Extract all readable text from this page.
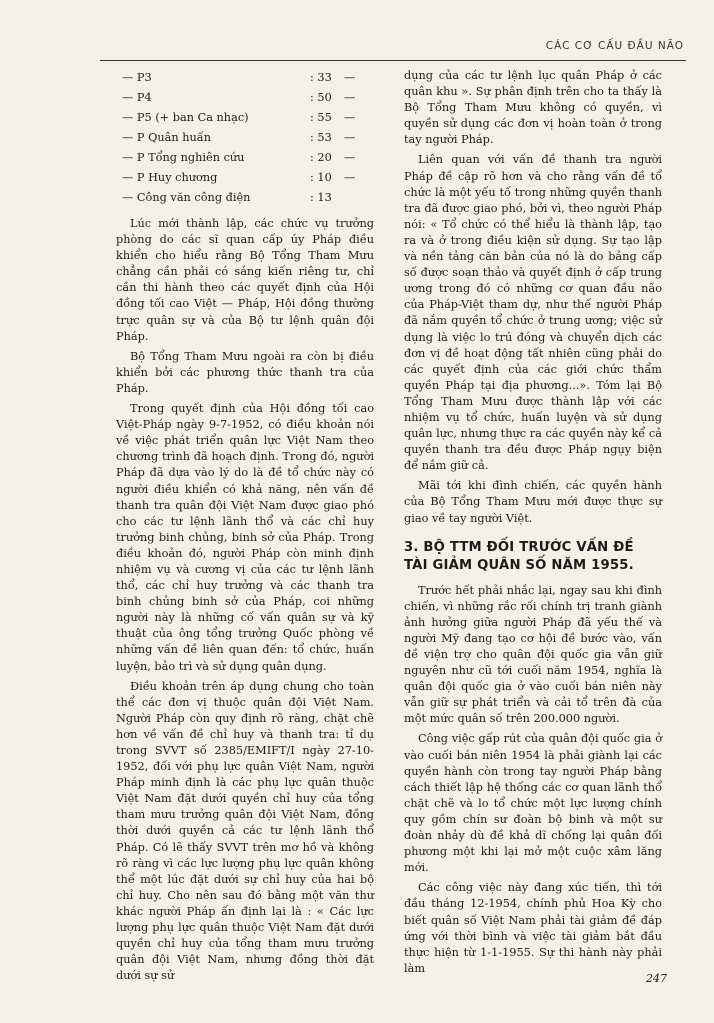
CÁC CƠ CẤU ĐẦU NÃO
— P3	: 33	—
— P4	: 50	—
— P5 (+ ban Ca nhạc)	: 55	—
— P Quân huấn	: 53	—
— P Tổng nghiên cứu	: 20	—
— P Huy chương	: 10	—
— Công văn công điện	: 13

Lúc mới thành lập, các chức vụ trưởng phòng do các sĩ quan cấp úy Pháp điều khiển cho hiểu rằng Bộ Tổng Tham Mưu chẳng cần phải có sáng kiến riêng tư, chỉ cần thi hành theo các quyết định của Hội đồng tối cao Việt — Pháp, Hội đồng thường trực quân sự và của Bộ tư lệnh quân đội Pháp.

Bộ Tổng Tham Mưu ngoài ra còn bị điều khiển bởi các phương thức thanh tra của Pháp.

Trong quyết định của Hội đồng tối cao Việt-Pháp ngày 9-7-1952, có điều khoản nói về việc phát triển quân lực Việt Nam theo chương trình đã hoạch định. Trong đó, người Pháp đã dựa vào lý do là đề tổ chức này có người điều khiển có khả năng, nên vấn đề thanh tra quân đội Việt Nam được giao phó cho các tư lệnh lãnh thổ và các chỉ huy trưởng binh chủng, binh sở của Pháp. Trong điều khoản đó, người Pháp còn minh định nhiệm vụ và cương vị của các tư lệnh lãnh thổ, các chỉ huy trưởng và các thanh tra binh chủng binh sở của Pháp, coi những người này là những cố vấn quân sự và kỹ thuật của ông tổng trưởng Quốc phòng về những vấn đề liên quan đến: tổ chức, huấn luyện, bảo trì và sử dụng quân dụng.

Điều khoản trên áp dụng chung cho toàn thể các đơn vị thuộc quân đội Việt Nam. Người Pháp còn quy định rõ ràng, chặt chẽ hơn về vấn đề chỉ huy và thanh tra: tỉ dụ trong SVVT số 2385/EMIFT/I ngày 27-10-1952, đối với phụ lực quân Việt Nam, người Pháp minh định là các phụ lực quân thuộc Việt Nam đặt dưới quyền chỉ huy của tổng tham mưu trưởng quân đội Việt Nam, đồng thời dưới quyền cả các tư lệnh lãnh thổ Pháp. Có lẽ thấy SVVT trên mơ hồ và không rõ ràng vì các lực lượng phụ lực quân không thể một lúc đặt dưới sự chỉ huy của hai bộ chỉ huy. Cho nên sau đó bằng một văn thư khác người Pháp ấn định lại là : « Các lực lượng phụ lực quân thuộc Việt Nam đặt dưới quyền chỉ huy của tổng tham mưu trưởng quân đội Việt Nam, nhưng đồng thời đặt dưới sự sử

dụng của các tư lệnh lục quân Pháp ở các quân khu ». Sự phân định trên cho ta thấy là Bộ Tổng Tham Mưu không có quyền, vì quyền sử dụng các đơn vị hoàn toàn ở trong tay người Pháp.

Liên quan với vấn đề thanh tra người Pháp đề cập rõ hơn và cho rằng vấn đề tổ chức là một yếu tố trong những quyền thanh tra đã được giao phó, bởi vì, theo người Pháp nói: « Tổ chức có thể hiểu là thành lập, tạo ra và ở trong điều kiện sử dụng. Sự tạo lập và nền tảng căn bản của nó là do bảng cấp số được soạn thảo và quyết định ở cấp trung ương trong đó có những cơ quan đầu não của Pháp-Việt tham dự, như thế người Pháp đã nắm quyền tổ chức ở trung ương; việc sử dụng là việc lo trú đóng và chuyển dịch các đơn vị đề hoạt động tất nhiên cũng phải do các quyết định của các giới chức thẩm quyền Pháp tại địa phương...». Tóm lại Bộ Tổng Tham Mưu được thành lập với các nhiệm vụ tổ chức, huấn luyện và sử dụng quân lực, nhưng thực ra các quyền này kể cả quyền thanh tra đều được Pháp ngụy biện để nắm giữ cả.

Mãi tới khi đình chiến, các quyền hành của Bộ Tổng Tham Mưu mới được thực sự giao về tay người Việt.

3. BỘ TTM ĐỐI TRƯỚC VẤN ĐỀ TÀI GIẢM QUÂN SỐ NĂM 1955.

Trước hết phải nhắc lại, ngay sau khi đình chiến, vì những rắc rối chính trị tranh giành ảnh hưởng giữa người Pháp đã yếu thế và người Mỹ đang tạo cơ hội đề bước vào, vấn đề viện trợ cho quân đội quốc gia vẫn giữ nguyên như cũ tới cuối năm 1954, nghĩa là quân đội quốc gia ở vào cuối bán niên này vẫn giữ sự phát triển và cải tổ trên đà của một mức quân số trên 200.000 người.

Công việc gấp rút của quân đội quốc gia ở vào cuối bán niên 1954 là phải giành lại các quyền hành còn trong tay người Pháp bằng cách thiết lập hệ thống các cơ quan lãnh thổ chặt chẽ và lo tổ chức một lực lượng chính quy gồm chín sư đoàn bộ binh và một sư đoàn nhảy dù đề khả dĩ chống lại quân đối phương một khi lại mở một cuộc xâm lăng mới.

Các công việc này đang xúc tiến, thì tới đầu tháng 12-1954, chính phủ Hoa Kỳ cho biết quân số Việt Nam phải tài giảm đề đáp ứng với thời bình và việc tài giảm bắt đầu thực hiện từ 1-1-1955. Sự thi hành này phải làm

247
